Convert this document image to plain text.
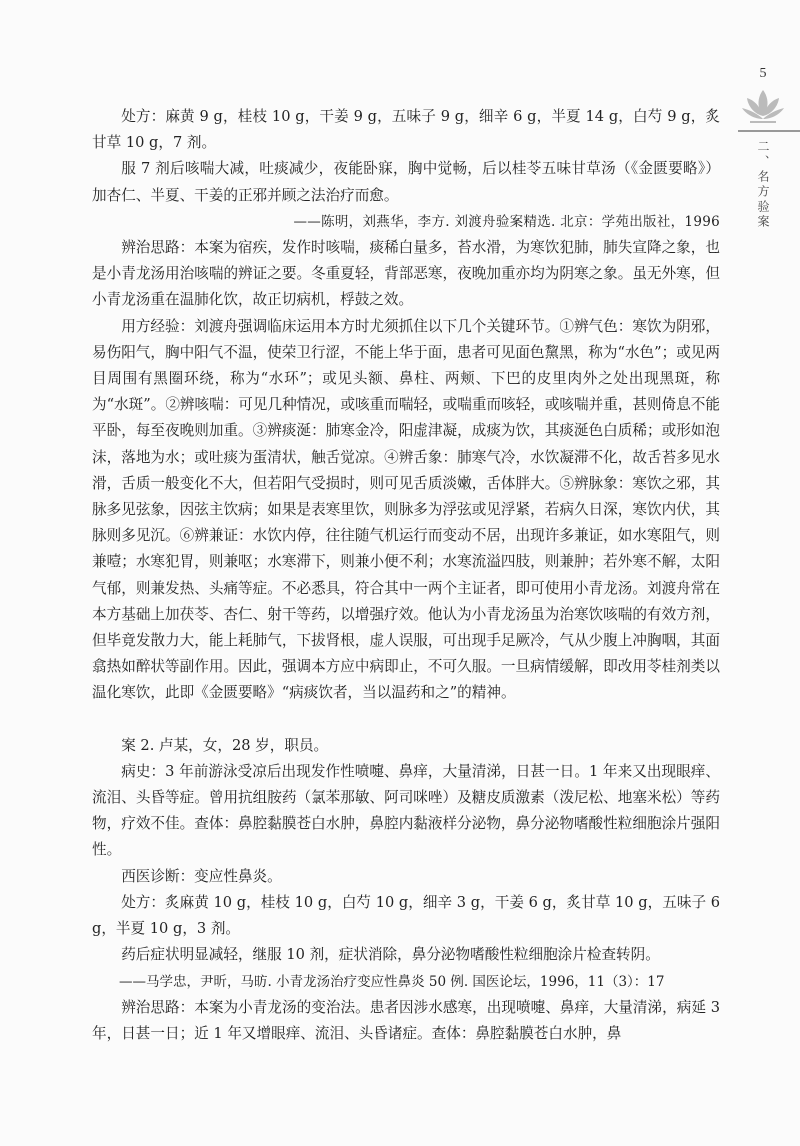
5
二、名方验案

处方：麻黄 9 g，桂枝 10 g，干姜 9 g，五味子 9 g，细辛 6 g，半夏 14 g，白芍 9 g，炙甘草 10 g，7 剂。

服 7 剂后咳喘大减，吐痰减少，夜能卧寐，胸中觉畅，后以桂苓五味甘草汤（《金匮要略》）加杏仁、半夏、干姜的正邪并顾之法治疗而愈。

——陈明，刘燕华，李方. 刘渡舟验案精选. 北京：学苑出版社，1996

辨治思路：本案为宿疾，发作时咳喘，痰稀白量多，苔水滑，为寒饮犯肺，肺失宣降之象，也是小青龙汤用治咳喘的辨证之要。冬重夏轻，背部恶寒，夜晚加重亦均为阴寒之象。虽无外寒，但小青龙汤重在温肺化饮，故正切病机，桴鼓之效。

用方经验：刘渡舟强调临床运用本方时尤须抓住以下几个关键环节。①辨气色：寒饮为阴邪，易伤阳气，胸中阳气不温，使荣卫行涩，不能上华于面，患者可见面色黧黑，称为“水色”；或见两目周围有黑圈环绕，称为“水环”；或见头额、鼻柱、两颊、下巴的皮里肉外之处出现黑斑，称为“水斑”。②辨咳喘：可见几种情况，或咳重而喘轻，或喘重而咳轻，或咳喘并重，甚则倚息不能平卧，每至夜晚则加重。③辨痰涎：肺寒金冷，阳虚津凝，成痰为饮，其痰涎色白质稀；或形如泡沫，落地为水；或吐痰为蛋清状，触舌觉凉。④辨舌象：肺寒气冷，水饮凝滞不化，故舌苔多见水滑，舌质一般变化不大，但若阳气受损时，则可见舌质淡嫩，舌体胖大。⑤辨脉象：寒饮之邪，其脉多见弦象，因弦主饮病；如果是表寒里饮，则脉多为浮弦或见浮紧，若病久日深，寒饮内伏，其脉则多见沉。⑥辨兼证：水饮内停，往往随气机运行而变动不居，出现许多兼证，如水寒阻气，则兼噎；水寒犯胃，则兼呕；水寒滞下，则兼小便不利；水寒流溢四肢，则兼肿；若外寒不解，太阳气郁，则兼发热、头痛等症。不必悉具，符合其中一两个主证者，即可使用小青龙汤。刘渡舟常在本方基础上加茯苓、杏仁、射干等药，以增强疗效。他认为小青龙汤虽为治寒饮咳喘的有效方剂，但毕竟发散力大，能上耗肺气，下拔肾根，虚人误服，可出现手足厥冷，气从少腹上冲胸咽，其面翕热如醉状等副作用。因此，强调本方应中病即止，不可久服。一旦病情缓解，即改用苓桂剂类以温化寒饮，此即《金匮要略》“病痰饮者，当以温药和之”的精神。

案 2. 卢某，女，28 岁，职员。

病史：3 年前游泳受凉后出现发作性喷嚏、鼻痒，大量清涕，日甚一日。1 年来又出现眼痒、流泪、头昏等症。曾用抗组胺药（氯苯那敏、阿司咪唑）及糖皮质激素（泼尼松、地塞米松）等药物，疗效不佳。查体：鼻腔黏膜苍白水肿，鼻腔内黏液样分泌物，鼻分泌物嗜酸性粒细胞涂片强阳性。

西医诊断：变应性鼻炎。

处方：炙麻黄 10 g，桂枝 10 g，白芍 10 g，细辛 3 g，干姜 6 g，炙甘草 10 g，五味子 6 g，半夏 10 g，3 剂。

药后症状明显减轻，继服 10 剂，症状消除，鼻分泌物嗜酸性粒细胞涂片检查转阴。

——马学忠，尹昕，马昉. 小青龙汤治疗变应性鼻炎 50 例. 国医论坛，1996，11（3）：17

辨治思路：本案为小青龙汤的变治法。患者因涉水感寒，出现喷嚏、鼻痒，大量清涕，病延 3 年，日甚一日；近 1 年又增眼痒、流泪、头昏诸症。查体：鼻腔黏膜苍白水肿，鼻
